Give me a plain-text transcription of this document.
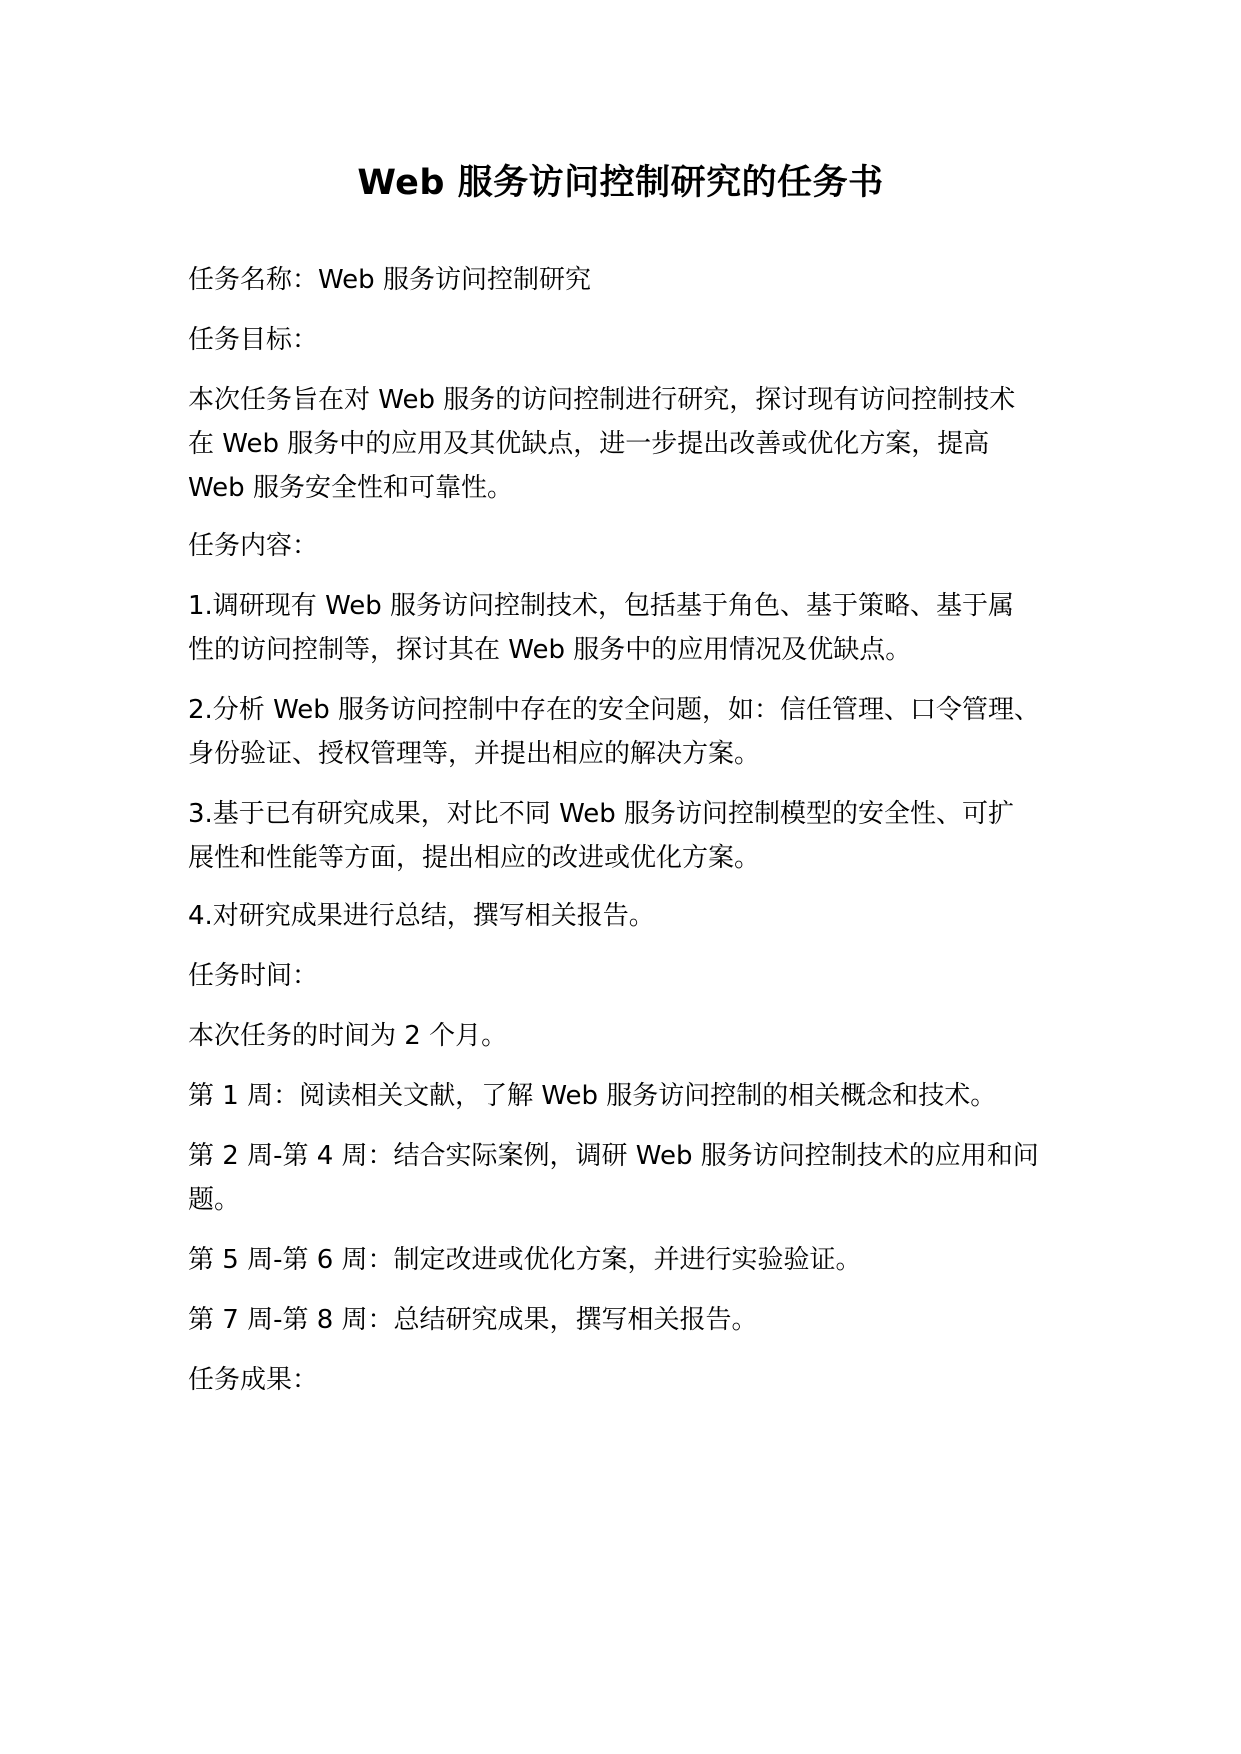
Web 服务访问控制研究的任务书
任务名称：Web 服务访问控制研究
任务目标：
本次任务旨在对 Web 服务的访问控制进行研究，探讨现有访问控制技术
在 Web 服务中的应用及其优缺点，进一步提出改善或优化方案，提高
Web 服务安全性和可靠性。
任务内容：
1.调研现有 Web 服务访问控制技术，包括基于角色、基于策略、基于属
性的访问控制等，探讨其在 Web 服务中的应用情况及优缺点。
2.分析 Web 服务访问控制中存在的安全问题，如：信任管理、口令管理、
身份验证、授权管理等，并提出相应的解决方案。
3.基于已有研究成果，对比不同 Web 服务访问控制模型的安全性、可扩
展性和性能等方面，提出相应的改进或优化方案。
4.对研究成果进行总结，撰写相关报告。
任务时间：
本次任务的时间为 2 个月。
第 1 周：阅读相关文献，了解 Web 服务访问控制的相关概念和技术。
第 2 周-第 4 周：结合实际案例，调研 Web 服务访问控制技术的应用和问
题。
第 5 周-第 6 周：制定改进或优化方案，并进行实验验证。
第 7 周-第 8 周：总结研究成果，撰写相关报告。
任务成果：
